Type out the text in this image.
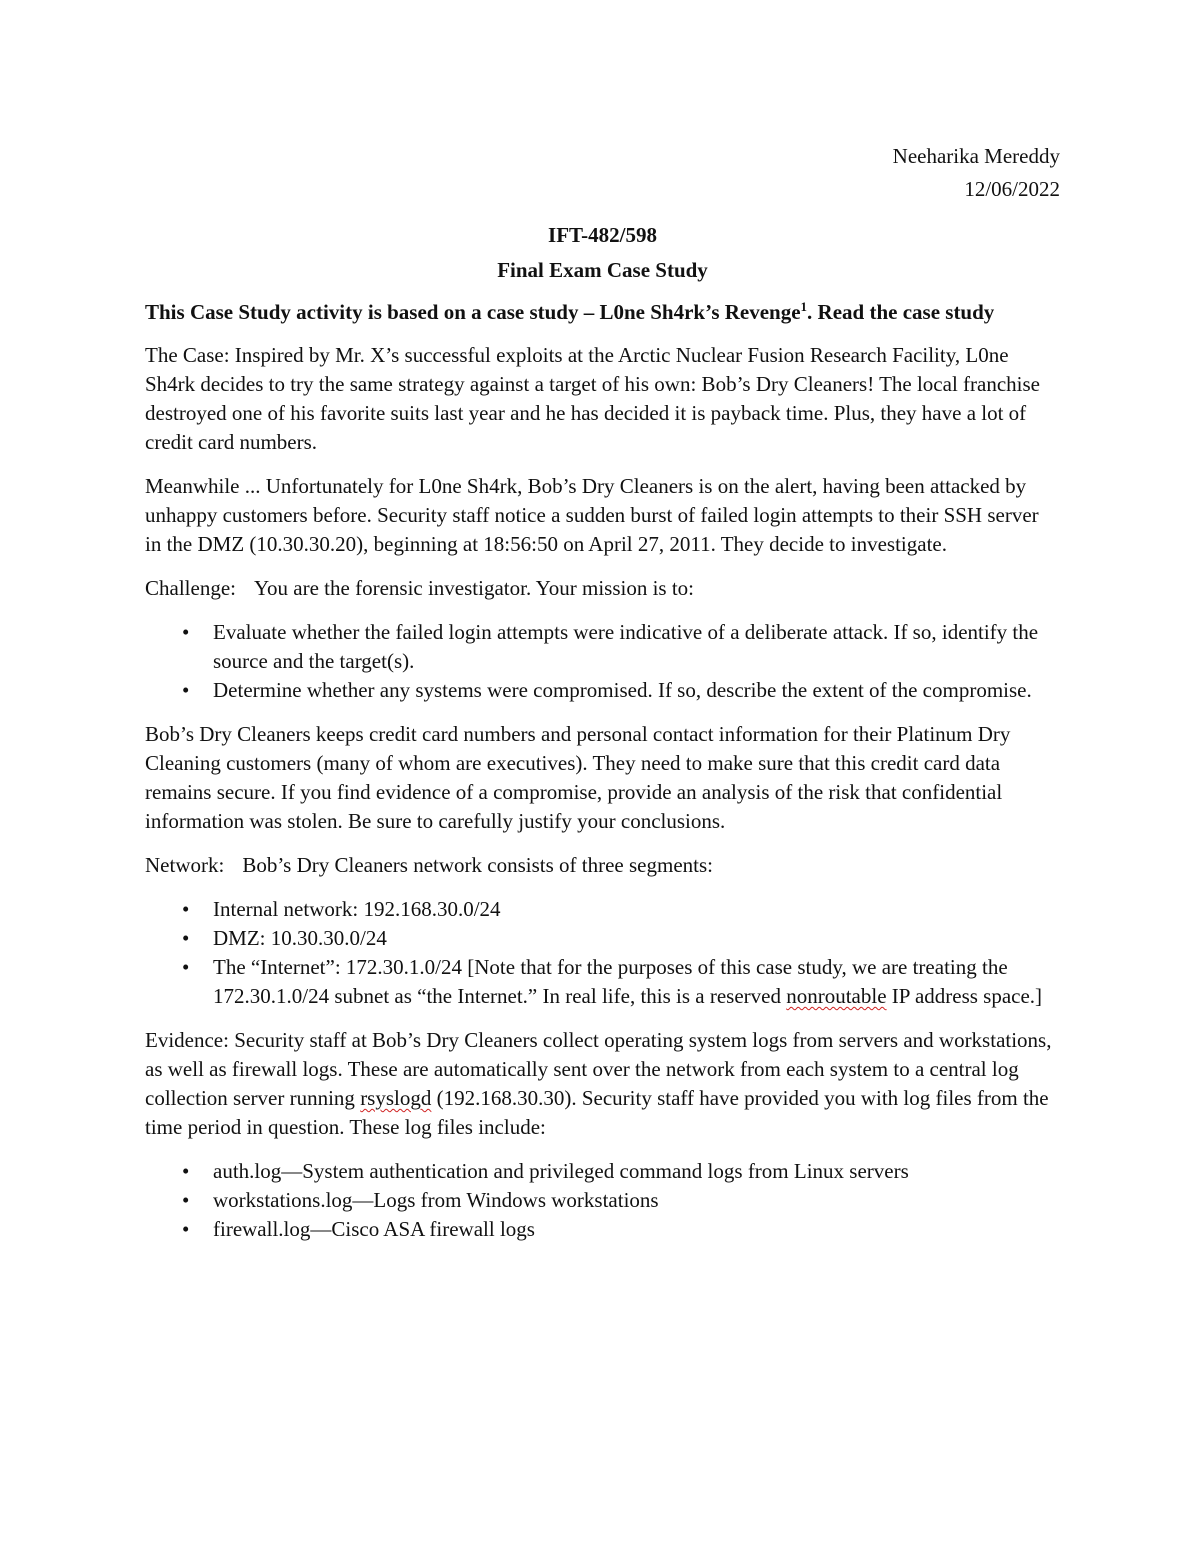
Neeharika Mereddy
12/06/2022
IFT-482/598
Final Exam Case Study
This Case Study activity is based on a case study – L0ne Sh4rk’s Revenge$^1$. Read the case study

The Case: Inspired by Mr. X’s successful exploits at the Arctic Nuclear Fusion Research Facility, L0ne Sh4rk decides to try the same strategy against a target of his own: Bob’s Dry Cleaners! The local franchise destroyed one of his favorite suits last year and he has decided it is payback time. Plus, they have a lot of credit card numbers.

Meanwhile ... Unfortunately for L0ne Sh4rk, Bob’s Dry Cleaners is on the alert, having been attacked by unhappy customers before. Security staff notice a sudden burst of failed login attempts to their SSH server in the DMZ (10.30.30.20), beginning at 18:56:50 on April 27, 2011. They decide to investigate.

Challenge: You are the forensic investigator. Your mission is to:

• Evaluate whether the failed login attempts were indicative of a deliberate attack. If so, identify the source and the target(s).
• Determine whether any systems were compromised. If so, describe the extent of the compromise.

Bob’s Dry Cleaners keeps credit card numbers and personal contact information for their Platinum Dry Cleaning customers (many of whom are executives). They need to make sure that this credit card data remains secure. If you find evidence of a compromise, provide an analysis of the risk that confidential information was stolen. Be sure to carefully justify your conclusions.

Network: Bob’s Dry Cleaners network consists of three segments:

• Internal network: 192.168.30.0/24
• DMZ: 10.30.30.0/24
• The “Internet”: 172.30.1.0/24 [Note that for the purposes of this case study, we are treating the 172.30.1.0/24 subnet as “the Internet.” In real life, this is a reserved nonroutable IP address space.]

Evidence: Security staff at Bob’s Dry Cleaners collect operating system logs from servers and workstations, as well as firewall logs. These are automatically sent over the network from each system to a central log collection server running rsyslogd (192.168.30.30). Security staff have provided you with log files from the time period in question. These log files include:

• auth.log—System authentication and privileged command logs from Linux servers
• workstations.log—Logs from Windows workstations
• firewall.log—Cisco ASA firewall logs
